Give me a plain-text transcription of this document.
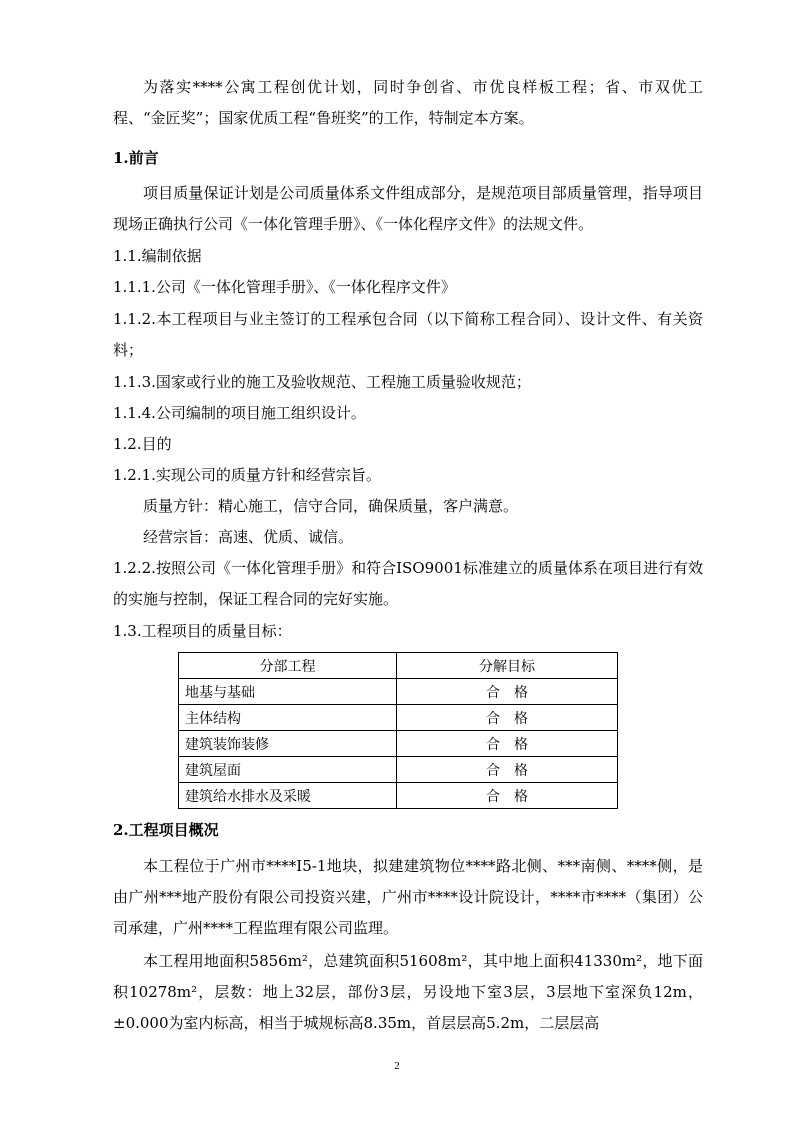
为落实****公寓工程创优计划，同时争创省、市优良样板工程；省、市双优工程、“金匠奖”；国家优质工程“鲁班奖”的工作，特制定本方案。

1.前言

项目质量保证计划是公司质量体系文件组成部分，是规范项目部质量管理，指导项目现场正确执行公司《一体化管理手册》、《一体化程序文件》的法规文件。

1.1.编制依据

1.1.1.公司《一体化管理手册》、《一体化程序文件》

1.1.2.本工程项目与业主签订的工程承包合同（以下简称工程合同）、设计文件、有关资料；

1.1.3.国家或行业的施工及验收规范、工程施工质量验收规范；

1.1.4.公司编制的项目施工组织设计。

1.2.目的

1.2.1.实现公司的质量方针和经营宗旨。

质量方针：精心施工，信守合同，确保质量，客户满意。

经营宗旨：高速、优质、诚信。

1.2.2.按照公司《一体化管理手册》和符合ISO9001标准建立的质量体系在项目进行有效的实施与控制，保证工程合同的完好实施。

1.3.工程项目的质量目标：

分部工程	分解目标
地基与基础	合　格
主体结构	合　格
建筑装饰装修	合　格
建筑屋面	合　格
建筑给水排水及采暖	合　格

2.工程项目概况

本工程位于广州市****I5-1地块，拟建建筑物位****路北侧、***南侧、****侧，是由广州***地产股份有限公司投资兴建，广州市****设计院设计，****市****（集团）公司承建，广州****工程监理有限公司监理。

本工程用地面积5856m²，总建筑面积51608m²，其中地上面积41330m²，地下面积10278m²，层数：地上32层，部份3层，另设地下室3层，3层地下室深负12m，±0.000为室内标高，相当于城规标高8.35m，首层层高5.2m，二层层高

2
